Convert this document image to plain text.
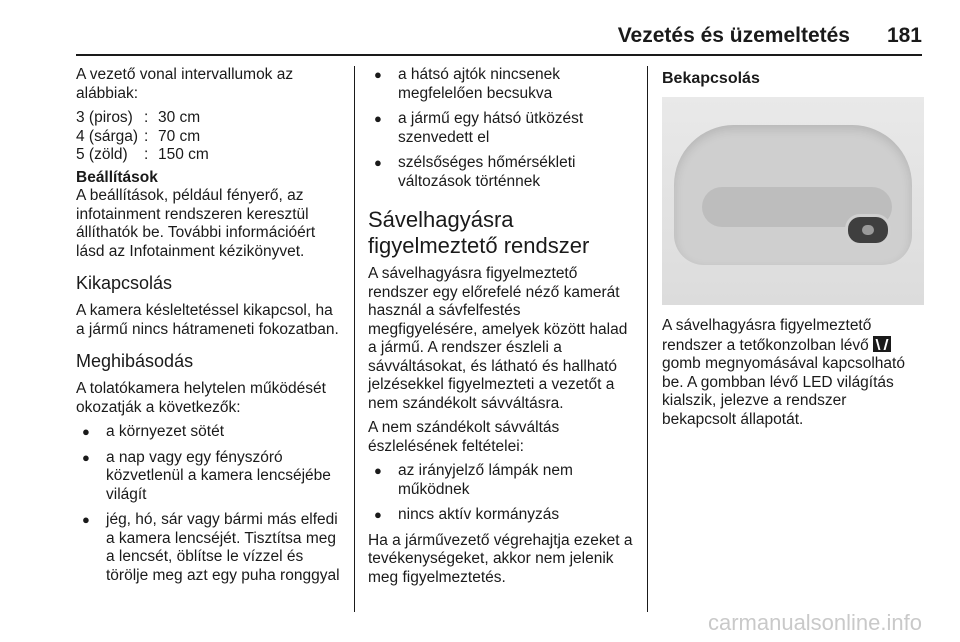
Vezetés és üzemeltetés 181

A vezető vonal intervallumok az alábbiak:

3 (piros) : 30 cm
4 (sárga) : 70 cm
5 (zöld)	: 150 cm
Beállítások

A beállítások, például fényerő, az infotainment rendszeren keresztül állíthatók be. További információért lásd az Infotainment kézikönyvet.

Kikapcsolás

A kamera késleltetéssel kikapcsol, ha a jármű nincs hátrameneti fokozatban.

Meghibásodás

A tolatókamera helytelen működését okozatják a következők:

● a környezet sötét
● a nap vagy egy fényszóró közvetlenül a kamera lencséjébe világít
● jég, hó, sár vagy bármi más elfedi a kamera lencséjét. Tisztítsa meg a lencsét, öblítse le vízzel és törölje meg azt egy puha ronggyal
● a hátsó ajtók nincsenek megfelelően becsukva
● a jármű egy hátsó ütközést szenvedett el
● szélsőséges hőmérsékleti változások történnek
Sávelhagyásra figyelmeztető rendszer

A sávelhagyásra figyelmeztető rendszer egy előrefelé néző kamerát használ a sávfelfestés megfigyelésére, amelyek között halad a jármű. A rendszer észleli a sávváltásokat, és látható és hallható jelzésekkel figyelmezteti a vezetőt a nem szándékolt sávváltásra.

A nem szándékolt sávváltás észlelésének feltételei:

● az irányjelző lámpák nem működnek
● nincs aktív kormányzás

Ha a járművezető végrehajtja ezeket a tevékenységeket, akkor nem jelenik meg figyelmeztetés.

Bekapcsolás

A sávelhagyásra figyelmeztető rendszer a tetőkonzolban lévő  gomb megnyomásával kapcsolható be. A gombban lévő LED világítás kialszik, jelezve a rendszer bekapcsolt állapotát.

carmanualsonline.info
